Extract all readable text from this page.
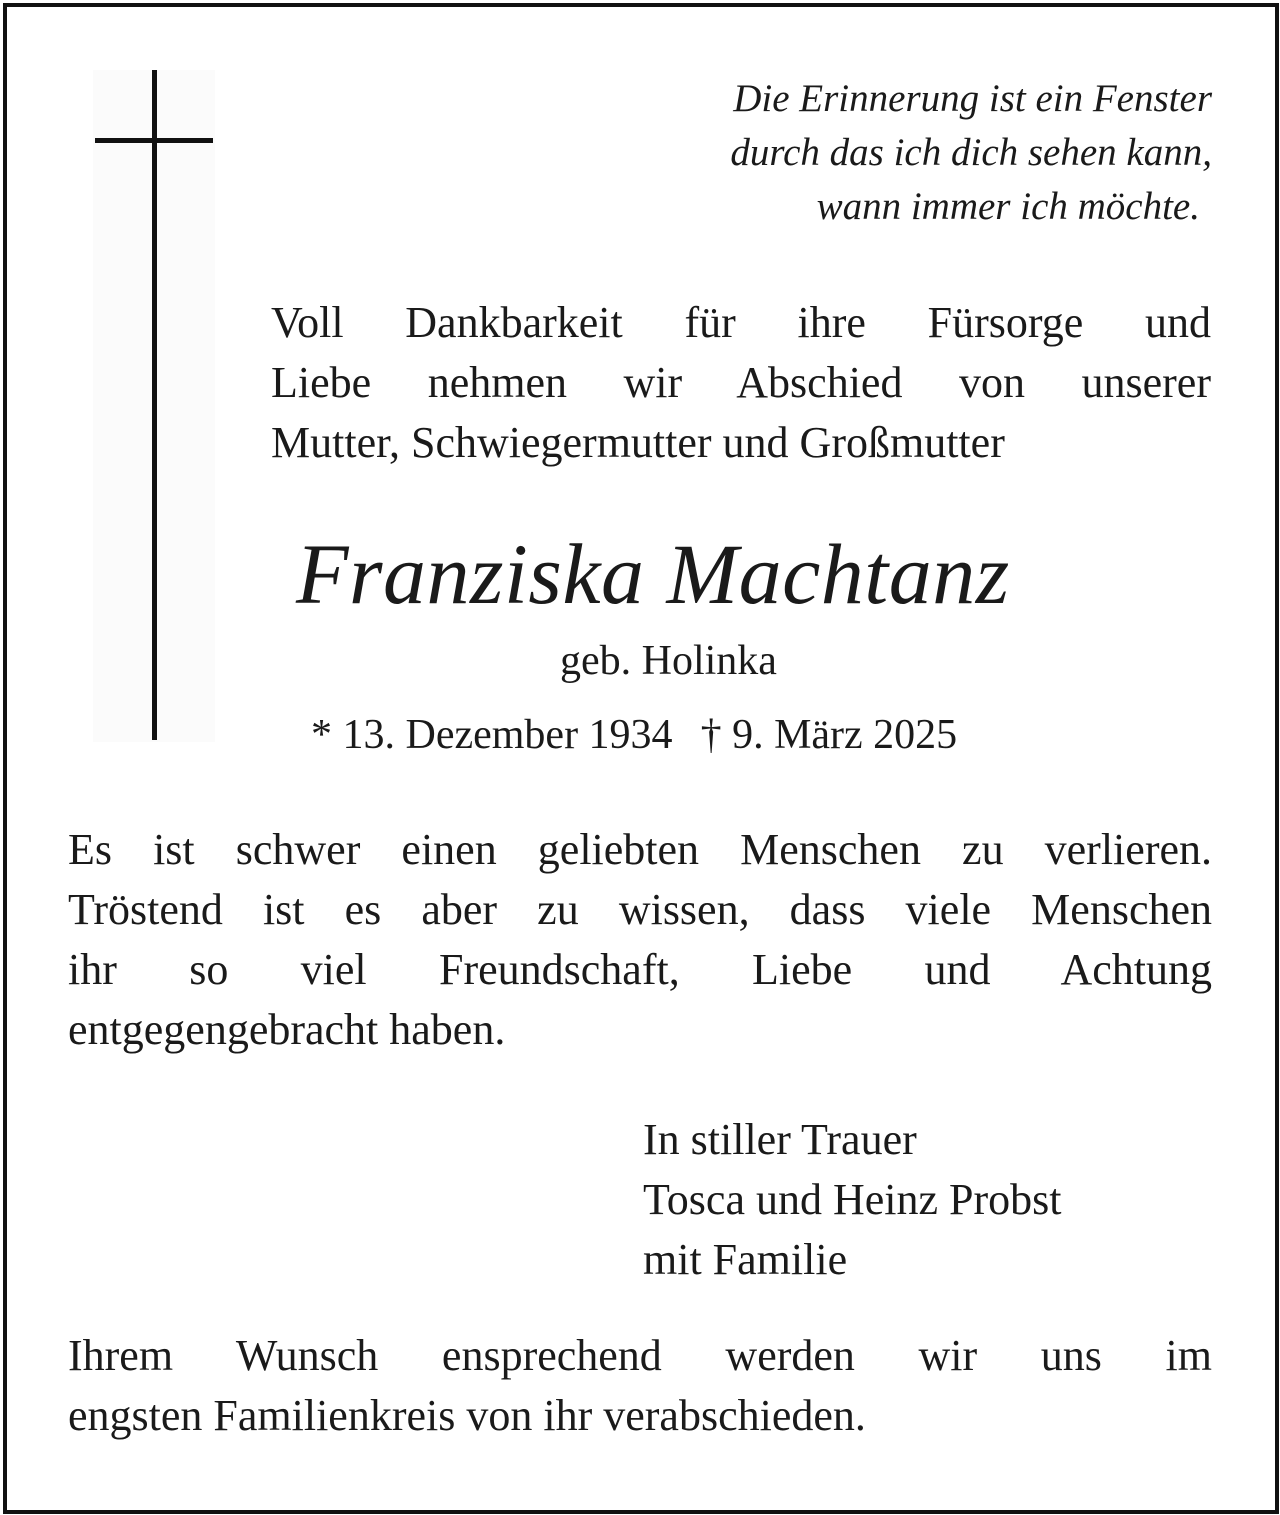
Die Erinnerung ist ein Fenster
durch das ich dich sehen kann,
wann immer ich möchte.
Voll Dankbarkeit für ihre Fürsorge und
Liebe nehmen wir Abschied von unserer
Mutter, Schwiegermutter und Großmutter
Franziska Machtanz
geb. Holinka
* 13. Dezember 1934 † 9. März 2025
Es ist schwer einen geliebten Menschen zu verlieren.
Tröstend ist es aber zu wissen, dass viele Menschen
ihr so viel Freundschaft, Liebe und Achtung
entgegengebracht haben.
In stiller Trauer
Tosca und Heinz Probst
mit Familie
Ihrem Wunsch ensprechend werden wir uns im
engsten Familienkreis von ihr verabschieden.
